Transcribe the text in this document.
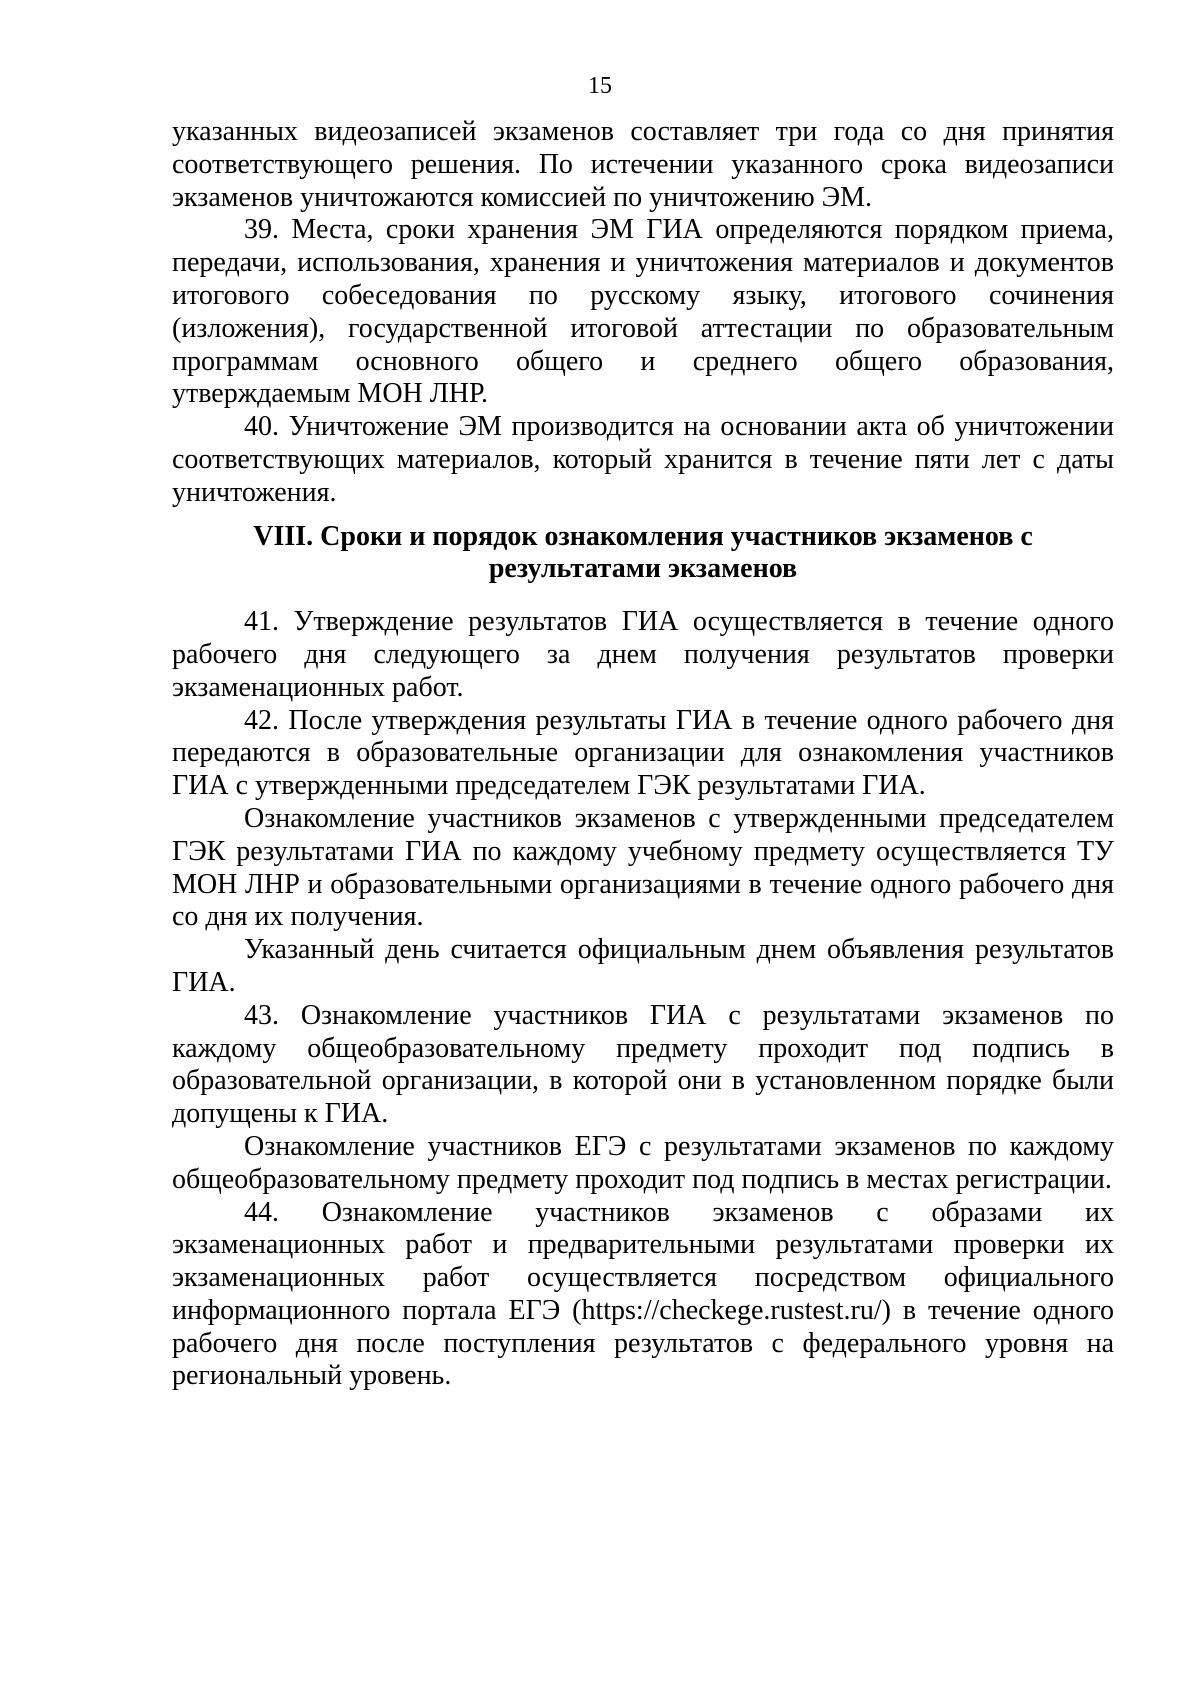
15

указанных видеозаписей экзаменов составляет три года со дня принятия соответствующего решения. По истечении указанного срока видеозаписи экзаменов уничтожаются комиссией по уничтожению ЭМ.

39. Места, сроки хранения ЭМ ГИА определяются порядком приема, передачи, использования, хранения и уничтожения материалов и документов итогового собеседования по русскому языку, итогового сочинения (изложения), государственной итоговой аттестации по образовательным программам основного общего и среднего общего образования, утверждаемым МОН ЛНР.

40. Уничтожение ЭМ производится на основании акта об уничтожении соответствующих материалов, который хранится в течение пяти лет с даты уничтожения.

VIII. Сроки и порядок ознакомления участников экзаменов с результатами экзаменов

41. Утверждение результатов ГИА осуществляется в течение одного рабочего дня следующего за днем получения результатов проверки экзаменационных работ.

42. После утверждения результаты ГИА в течение одного рабочего дня передаются в образовательные организации для ознакомления участников ГИА с утвержденными председателем ГЭК результатами ГИА.

Ознакомление участников экзаменов с утвержденными председателем ГЭК результатами ГИА по каждому учебному предмету осуществляется ТУ МОН ЛНР и образовательными организациями в течение одного рабочего дня со дня их получения.

Указанный день считается официальным днем объявления результатов ГИА.

43. Ознакомление участников ГИА с результатами экзаменов по каждому общеобразовательному предмету проходит под подпись в образовательной организации, в которой они в установленном порядке были допущены к ГИА.

Ознакомление участников ЕГЭ с результатами экзаменов по каждому общеобразовательному предмету проходит под подпись в местах регистрации.

44. Ознакомление участников экзаменов с образами их экзаменационных работ и предварительными результатами проверки их экзаменационных работ осуществляется посредством официального информационного портала ЕГЭ (https://checkege.rustest.ru/) в течение одного рабочего дня после поступления результатов с федерального уровня на региональный уровень.
